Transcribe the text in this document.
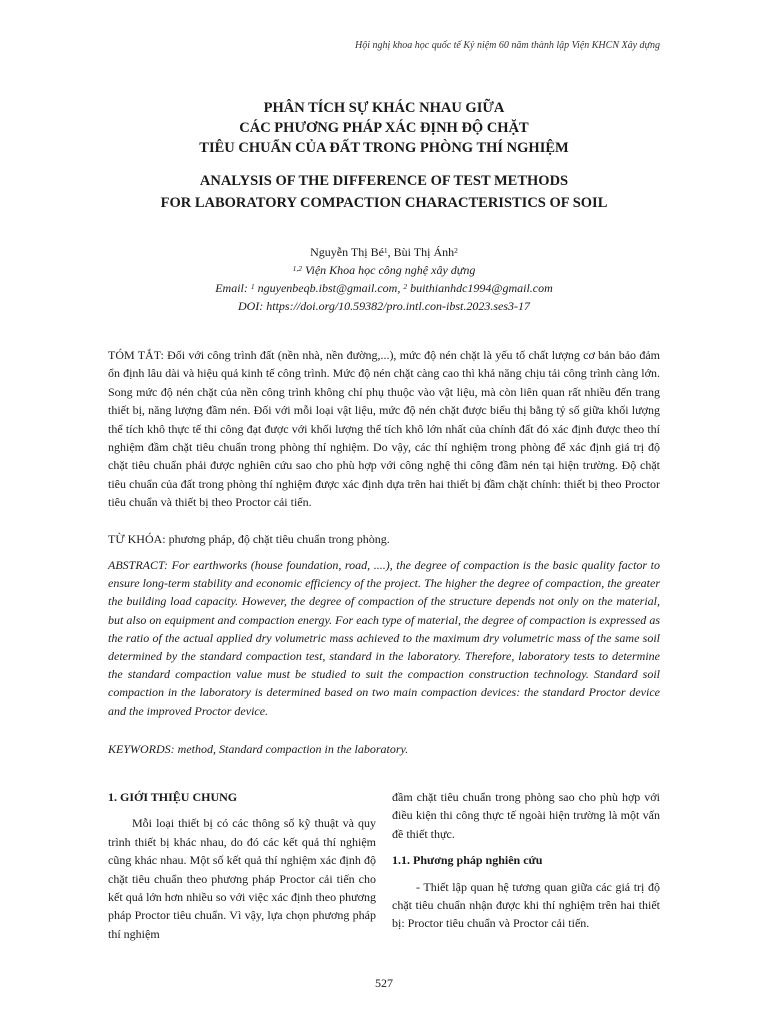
Hội nghị khoa học quốc tế Kỷ niệm 60 năm thành lập Viện KHCN Xây dựng
PHÂN TÍCH SỰ KHÁC NHAU GIỮA
CÁC PHƯƠNG PHÁP XÁC ĐỊNH ĐỘ CHẶT
TIÊU CHUẨN CỦA ĐẤT TRONG PHÒNG THÍ NGHIỆM
ANALYSIS OF THE DIFFERENCE OF TEST METHODS
FOR LABORATORY COMPACTION CHARACTERISTICS OF SOIL
Nguyễn Thị $Bé^1$, Bùi Thị Ánh$^2$
$^{1,2}$ Viện Khoa học công nghệ xây dựng
Email: $^1$ nguyenbeqb.ibst@gmail.com, $^2$ buithianhdc1994@gmail.com
DOI: https://doi.org/10.59382/pro.intl.con-ibst.2023.ses3-17
TÓM TẮT: Đối với công trình đất (nền nhà, nền đường,...), mức độ nén chặt là yếu tố chất lượng cơ bản bảo đảm ổn định lâu dài và hiệu quả kinh tế công trình. Mức độ nén chặt càng cao thì khả năng chịu tải công trình càng lớn. Song mức độ nén chặt của nền công trình không chỉ phụ thuộc vào vật liệu, mà còn liên quan rất nhiều đến trang thiết bị, năng lượng đầm nén. Đối với mỗi loại vật liệu, mức độ nén chặt được biểu thị bằng tỷ số giữa khối lượng thể tích khô thực tế thi công đạt được với khối lượng thể tích khô lớn nhất của chính đất đó xác định được theo thí nghiệm đầm chặt tiêu chuẩn trong phòng thí nghiệm. Do vậy, các thí nghiệm trong phòng để xác định giá trị độ chặt tiêu chuẩn phải được nghiên cứu sao cho phù hợp với công nghệ thi công đầm nén tại hiện trường. Độ chặt tiêu chuẩn của đất trong phòng thí nghiệm được xác định dựa trên hai thiết bị đầm chặt chính: thiết bị theo Proctor tiêu chuẩn và thiết bị theo Proctor cải tiến.
TỪ KHÓA: phương pháp, độ chặt tiêu chuẩn trong phòng.
ABSTRACT: For earthworks (house foundation, road, ....), the degree of compaction is the basic quality factor to ensure long-term stability and economic efficiency of the project. The higher the degree of compaction, the greater the building load capacity. However, the degree of compaction of the structure depends not only on the material, but also on equipment and compaction energy. For each type of material, the degree of compaction is expressed as the ratio of the actual applied dry volumetric mass achieved to the maximum dry volumetric mass of the same soil determined by the standard compaction test, standard in the laboratory. Therefore, laboratory tests to determine the standard compaction value must be studied to suit the compaction construction technology. Standard soil compaction in the laboratory is determined based on two main compaction devices: the standard Proctor device and the improved Proctor device.
KEYWORDS: method, Standard compaction in the laboratory.
1. GIỚI THIỆU CHUNG

Mỗi loại thiết bị có các thông số kỹ thuật và quy trình thiết bị khác nhau, do đó các kết quả thí nghiệm cũng khác nhau. Một số kết quả thí nghiệm xác định độ chặt tiêu chuẩn theo phương pháp Proctor cải tiến cho kết quả lớn hơn nhiều so với việc xác định theo phương pháp Proctor tiêu chuẩn. Vì vậy, lựa chọn phương pháp thí nghiệm

đầm chặt tiêu chuẩn trong phòng sao cho phù hợp với điều kiện thi công thực tế ngoài hiện trường là một vấn đề thiết thực.

1.1. Phương pháp nghiên cứu

- Thiết lập quan hệ tương quan giữa các giá trị độ chặt tiêu chuẩn nhận được khi thí nghiệm trên hai thiết bị: Proctor tiêu chuẩn và Proctor cải tiến.

527
